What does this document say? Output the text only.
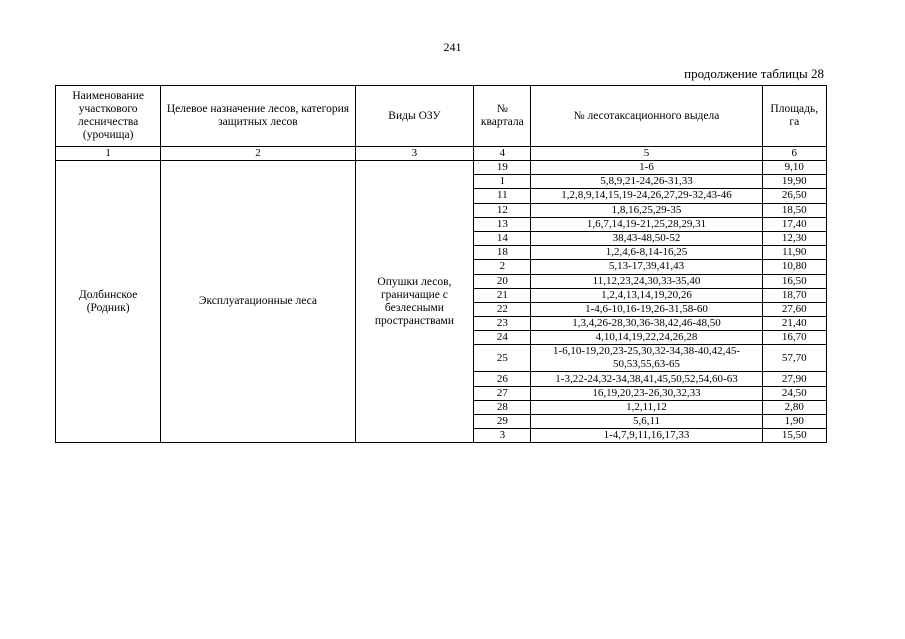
241
продолжение таблицы 28
Наименование участкового лесничества (урочища)	Целевое назначение лесов, категория защитных лесов	Виды ОЗУ	№ квартала	№ лесотаксационного выдела	Площадь, га
1	2	3	4	5	6
Долбинское (Родник)	Эксплуатационные леса	Опушки лесов, граничащие с безлесными пространствами	19	1-6	9,10
			1	5,8,9,21-24,26-31,33	19,90
			11	1,2,8,9,14,15,19-24,26,27,29-32,43-46	26,50
			12	1,8,16,25,29-35	18,50
			13	1,6,7,14,19-21,25,28,29,31	17,40
			14	38,43-48,50-52	12,30
			18	1,2,4,6-8,14-16,25	11,90
			2	5,13-17,39,41,43	10,80
			20	11,12,23,24,30,33-35,40	16,50
			21	1,2,4,13,14,19,20,26	18,70
			22	1-4,6-10,16-19,26-31,58-60	27,60
			23	1,3,4,26-28,30,36-38,42,46-48,50	21,40
			24	4,10,14,19,22,24,26,28	16,70
			25	1-6,10-19,20,23-25,30,32-34,38-40,42,45-50,53,55,63-65	57,70
			26	1-3,22-24,32-34,38,41,45,50,52,54,60-63	27,90
			27	16,19,20,23-26,30,32,33	24,50
			28	1,2,11,12	2,80
			29	5,6,11	1,90
			3	1-4,7,9,11,16,17,33	15,50
